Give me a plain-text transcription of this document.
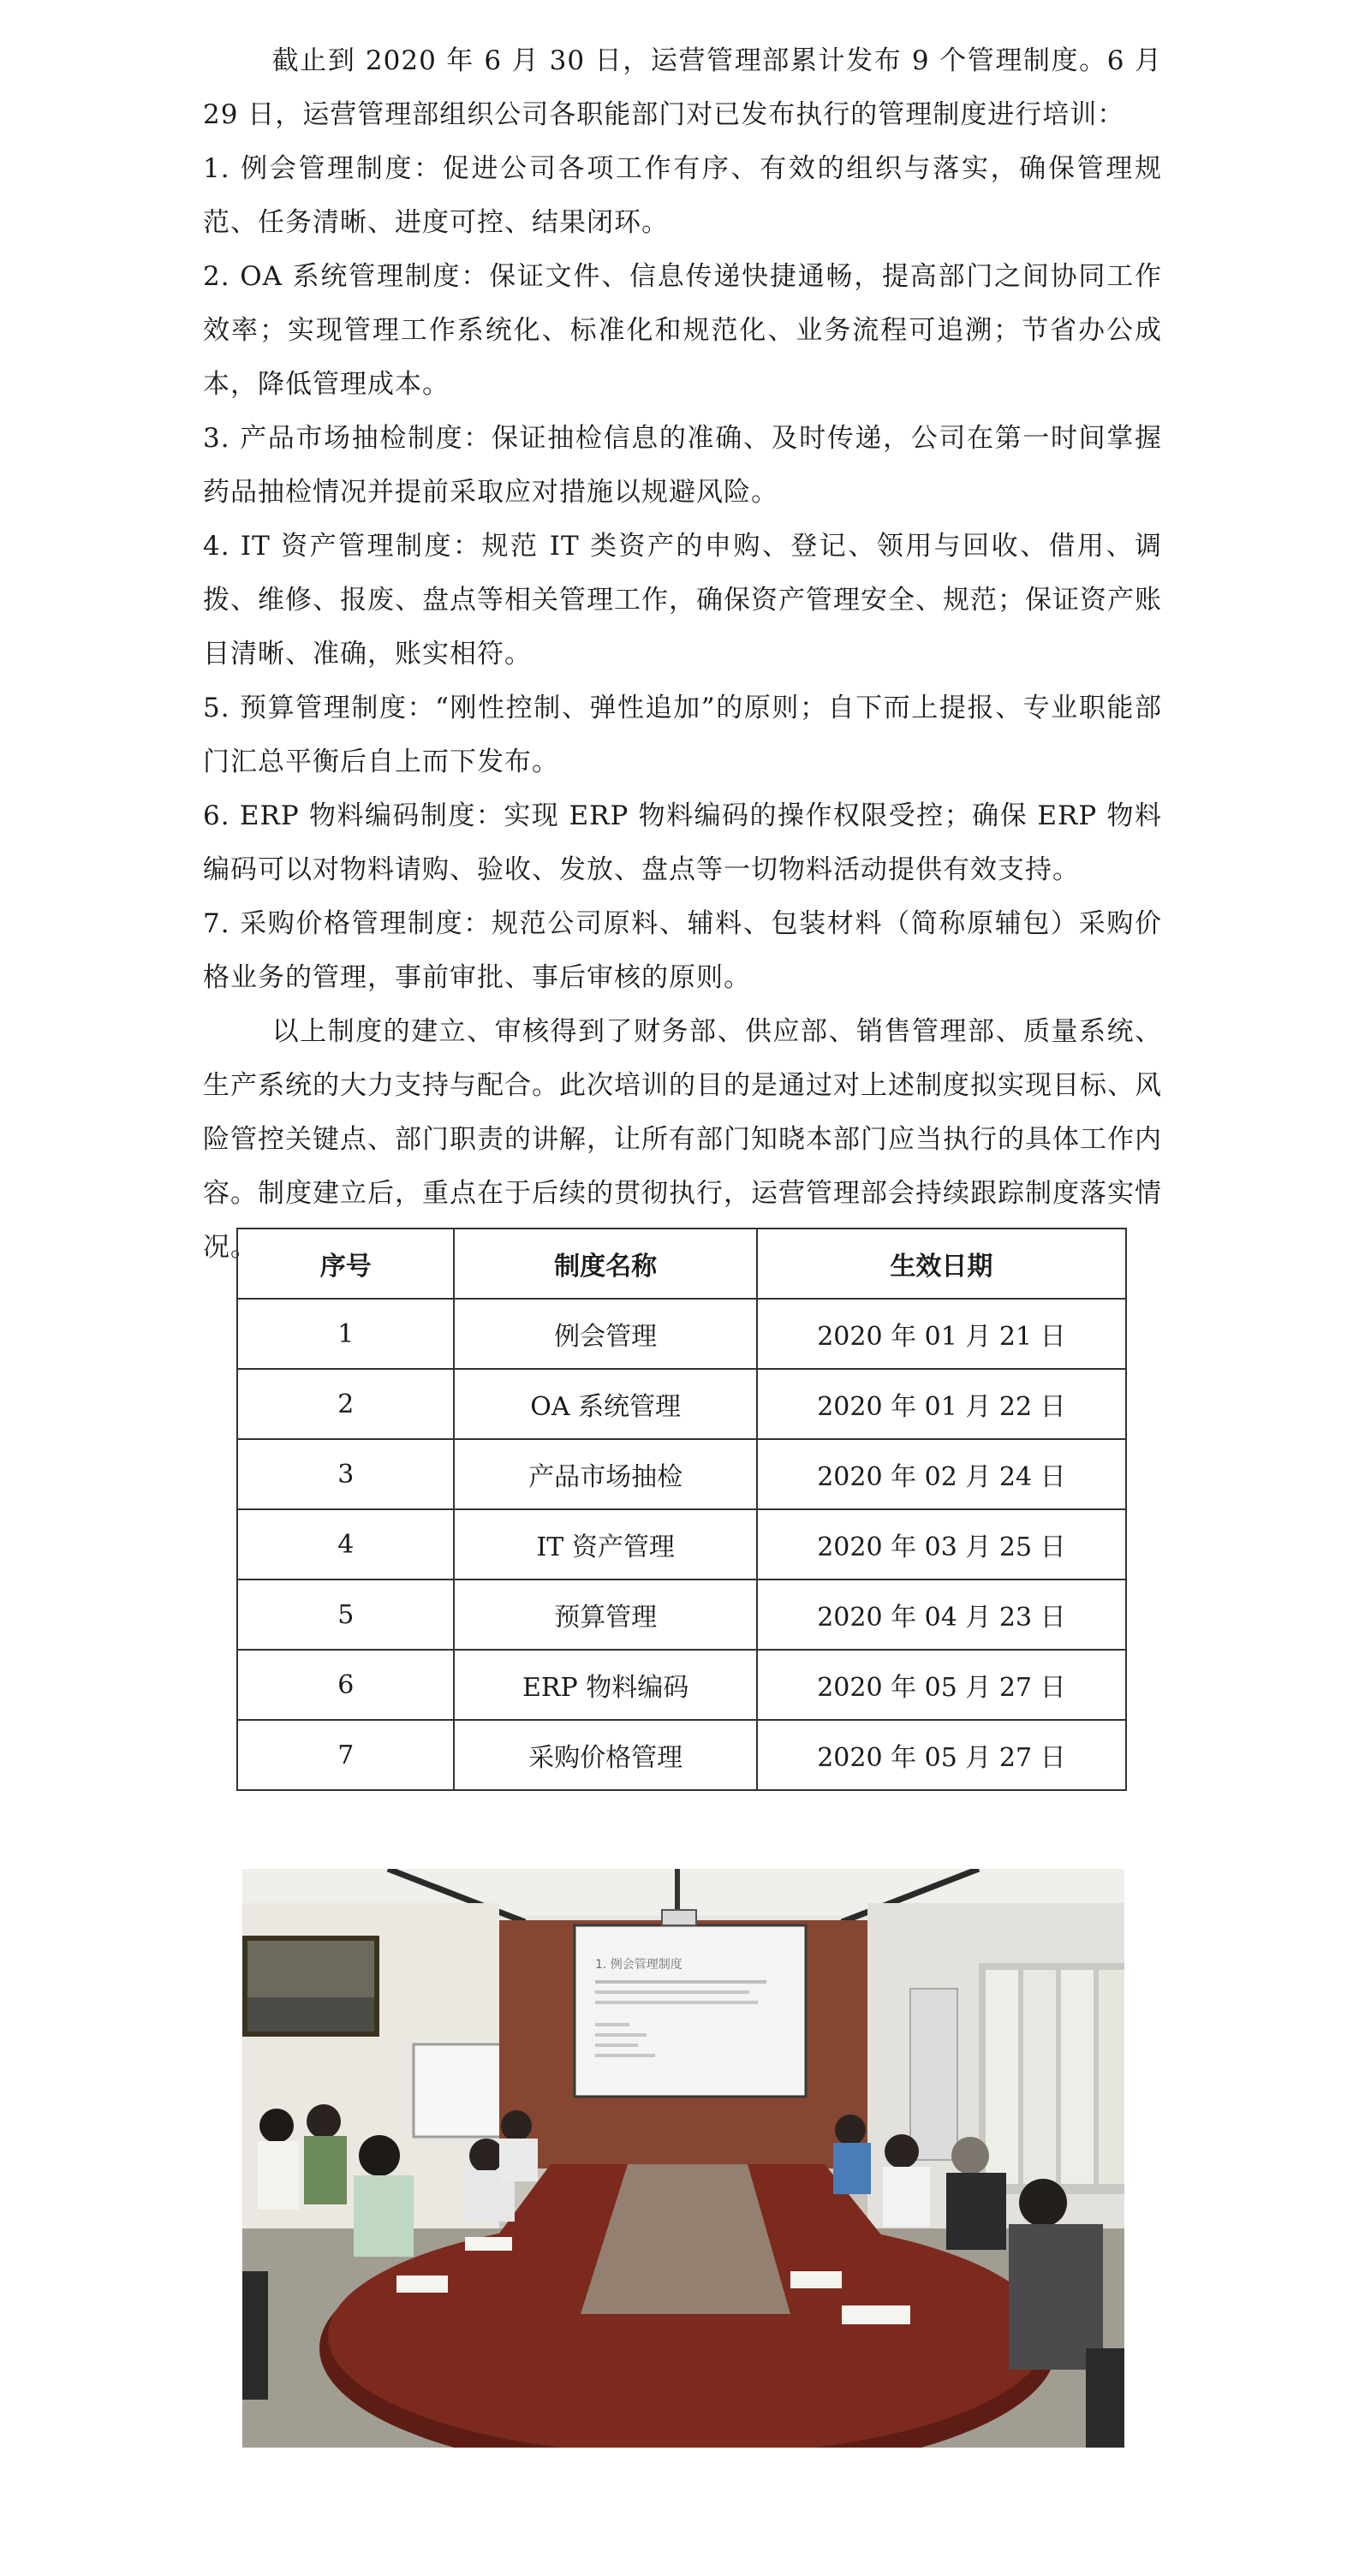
截止到 2020 年 6 月 30 日，运营管理部累计发布 9 个管理制度。6 月 29 日，运营管理部组织公司各职能部门对已发布执行的管理制度进行培训：

1. 例会管理制度：促进公司各项工作有序、有效的组织与落实，确保管理规范、任务清晰、进度可控、结果闭环。

2. OA 系统管理制度：保证文件、信息传递快捷通畅，提高部门之间协同工作效率；实现管理工作系统化、标准化和规范化、业务流程可追溯；节省办公成本，降低管理成本。

3. 产品市场抽检制度：保证抽检信息的准确、及时传递，公司在第一时间掌握药品抽检情况并提前采取应对措施以规避风险。

4. IT 资产管理制度：规范 IT 类资产的申购、登记、领用与回收、借用、调拨、维修、报废、盘点等相关管理工作，确保资产管理安全、规范；保证资产账目清晰、准确，账实相符。

5. 预算管理制度：“刚性控制、弹性追加”的原则；自下而上提报、专业职能部门汇总平衡后自上而下发布。

6. ERP 物料编码制度：实现 ERP 物料编码的操作权限受控；确保 ERP 物料编码可以对物料请购、验收、发放、盘点等一切物料活动提供有效支持。

7. 采购价格管理制度：规范公司原料、辅料、包装材料（简称原辅包）采购价格业务的管理，事前审批、事后审核的原则。

以上制度的建立、审核得到了财务部、供应部、销售管理部、质量系统、生产系统的大力支持与配合。此次培训的目的是通过对上述制度拟实现目标、风险管控关键点、部门职责的讲解，让所有部门知晓本部门应当执行的具体工作内容。制度建立后，重点在于后续的贯彻执行，运营管理部会持续跟踪制度落实情况。

序号	制度名称	生效日期
1	例会管理	2020 年 01 月 21 日
2	OA 系统管理	2020 年 01 月 22 日
3	产品市场抽检	2020 年 02 月 24 日
4	IT 资产管理	2020 年 03 月 25 日
5	预算管理	2020 年 04 月 23 日
6	ERP 物料编码	2020 年 05 月 27 日
7	采购价格管理	2020 年 05 月 27 日
1. 例会管理制度
